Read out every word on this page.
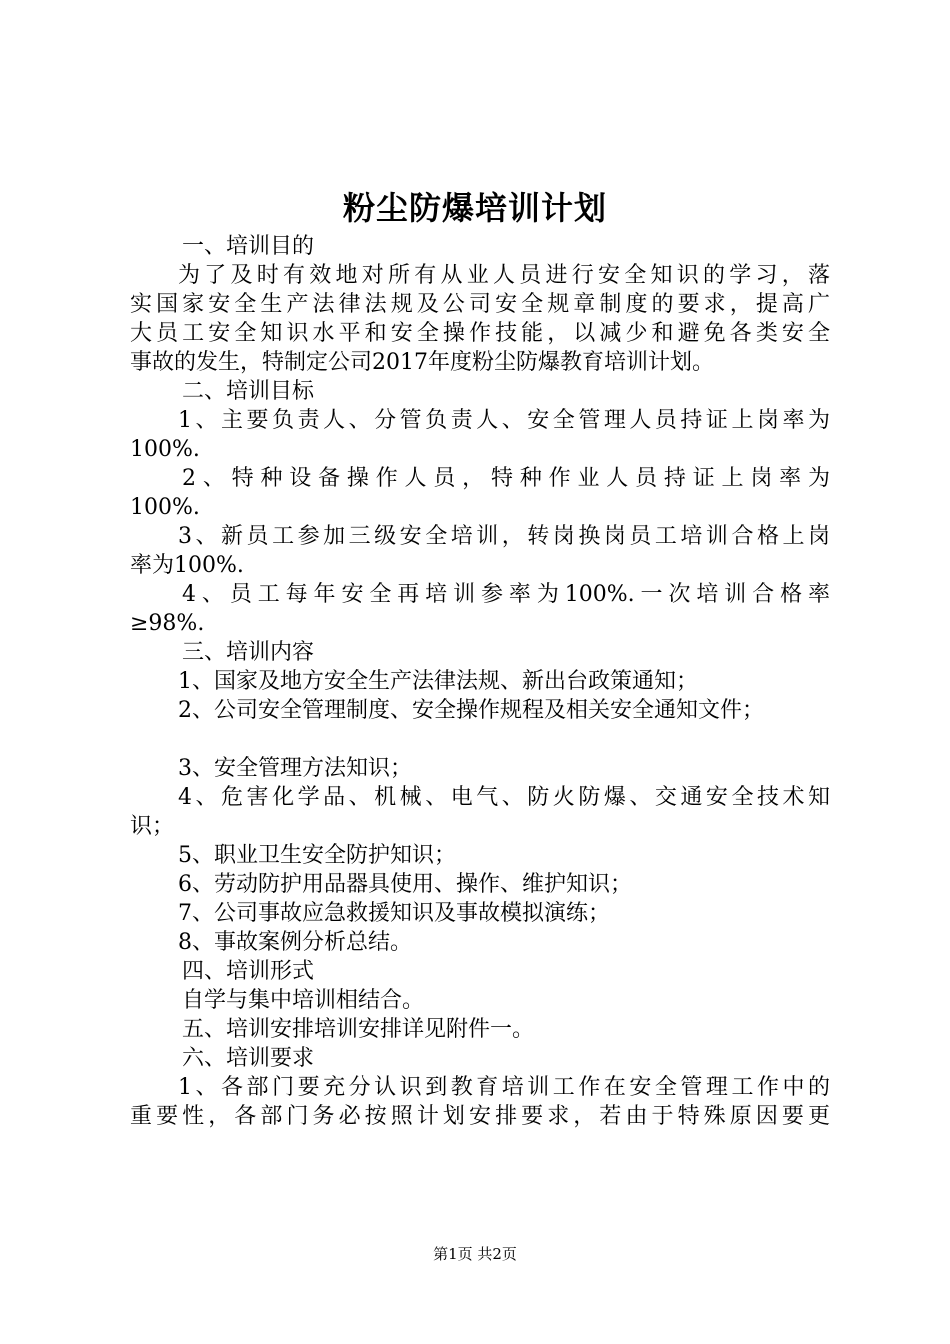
粉尘防爆培训计划
一、培训目的
为了及时有效地对所有从业人员进行安全知识的学习，落
实国家安全生产法律法规及公司安全规章制度的要求，提高广
大员工安全知识水平和安全操作技能，以减少和避免各类安全
事故的发生，特制定公司2017年度粉尘防爆教育培训计划。
二、培训目标
1、主要负责人、分管负责人、安全管理人员持证上岗率为
100%.
2、特种设备操作人员，特种作业人员持证上岗率为
100%.
3、新员工参加三级安全培训，转岗换岗员工培训合格上岗
率为100%.
4、员工每年安全再培训参率为100%.一次培训合格率
≥98%.
三、培训内容
1、国家及地方安全生产法律法规、新出台政策通知；
2、公司安全管理制度、安全操作规程及相关安全通知文件；
3、安全管理方法知识；
4、危害化学品、机械、电气、防火防爆、交通安全技术知
识；
5、职业卫生安全防护知识；
6、劳动防护用品器具使用、操作、维护知识；
7、公司事故应急救援知识及事故模拟演练；
8、事故案例分析总结。
四、培训形式
自学与集中培训相结合。
五、培训安排培训安排详见附件一。
六、培训要求
1、各部门要充分认识到教育培训工作在安全管理工作中的
重要性，各部门务必按照计划安排要求，若由于特殊原因要更
第1页 共2页
